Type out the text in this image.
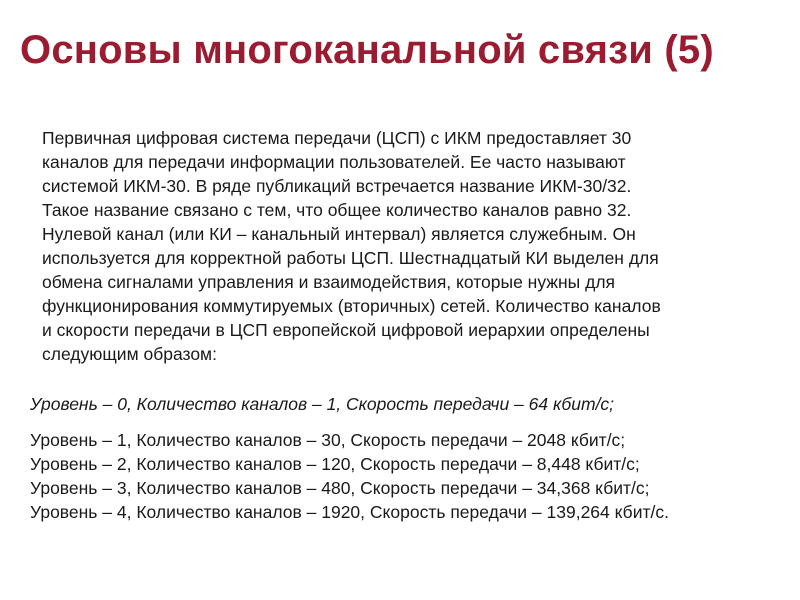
Основы многоканальной связи (5)
Первичная цифровая система передачи (ЦСП) с ИКМ предоставляет 30
каналов для передачи информации пользователей. Ее часто называют
системой ИКМ-30. В ряде публикаций встречается название ИКМ-30/32.
Такое название связано с тем, что общее количество каналов равно 32.
Нулевой канал (или КИ – канальный интервал) является служебным. Он
используется для корректной работы ЦСП. Шестнадцатый КИ выделен для
обмена сигналами управления и взаимодействия, которые нужны для
функционирования коммутируемых (вторичных) сетей. Количество каналов
и скорости передачи в ЦСП европейской цифровой иерархии определены
следующим образом:
Уровень – 0, Количество каналов – 1, Скорость передачи – 64 кбит/с;
Уровень – 1, Количество каналов – 30, Скорость передачи – 2048 кбит/с;
Уровень – 2, Количество каналов – 120, Скорость передачи – 8,448 кбит/с;
Уровень – 3, Количество каналов – 480, Скорость передачи – 34,368 кбит/с;
Уровень – 4, Количество каналов – 1920, Скорость передачи – 139,264 кбит/с.
